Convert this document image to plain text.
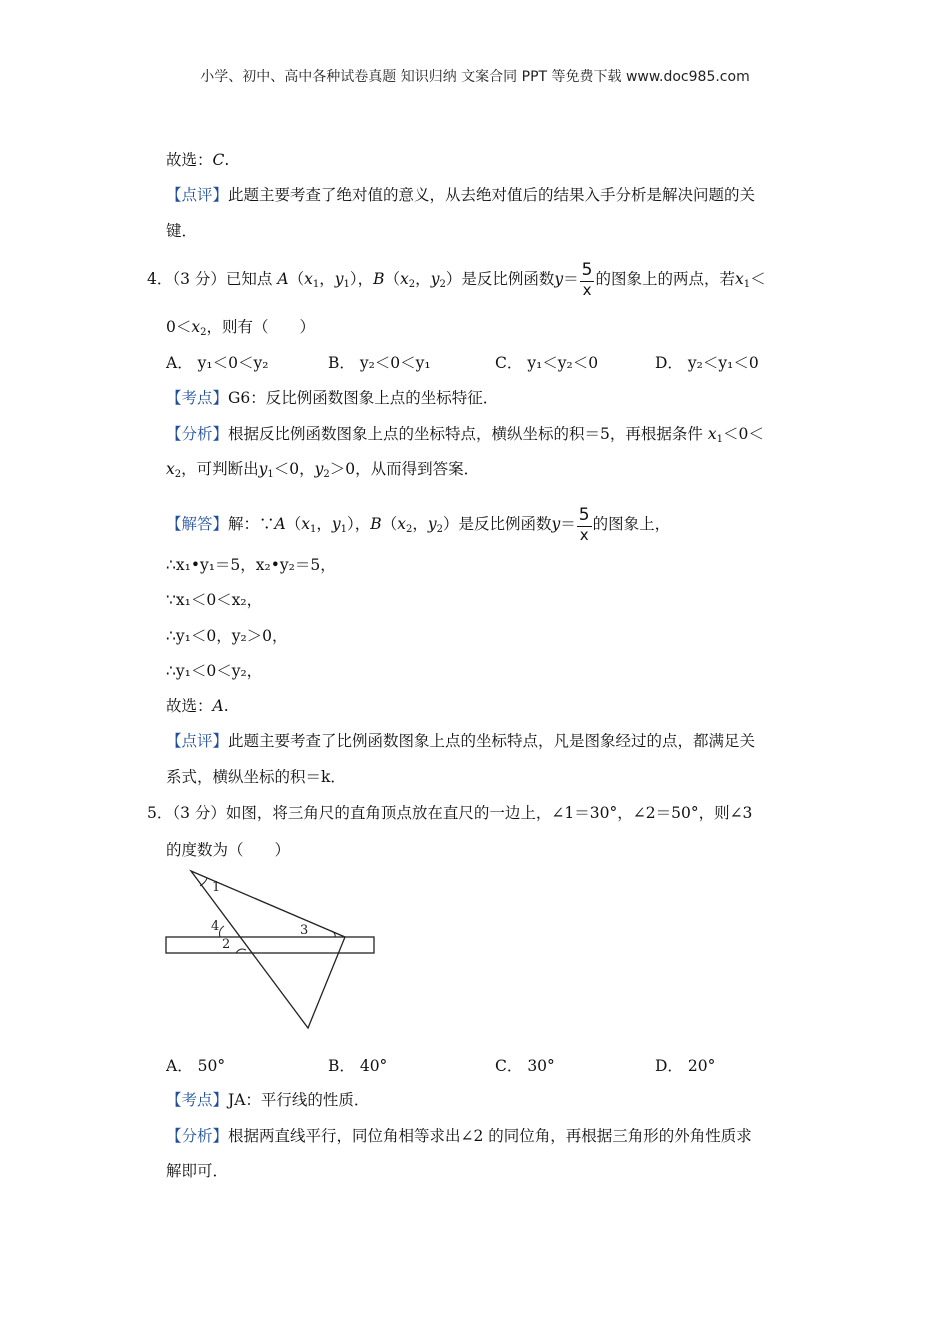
小学、初中、高中各种试卷真题 知识归纳 文案合同 PPT 等免费下载 www.doc985.com
故选：C.
【点评】此题主要考查了绝对值的意义，从去绝对值后的结果入手分析是解决问题的关
键．
4．（3 分）已知点 $A(x_1$，$y_1$），$B(x_2$，$y_2$）是反比例函数$y= \frac{5}{x}$ 的图象上的两点，若$x_1<$
$0<x_2$，则有（　　）
A． y₁＜0＜y₂	B． y₂＜0＜y₁	C． y₁＜y₂＜0	D． y₂＜y₁＜0
【考点】G6：反比例函数图象上点的坐标特征．
【分析】根据反比例函数图象上点的坐标特点，横纵坐标的积＝5，再根据条件 $x_1<0<$
$x_2$，可判断出$y_1<0$，$y_2>0$，从而得到答案．
【解答】解：$\because A(x_1$，$y_1$），$B(x_2$，$y_2$）是反比例函数$y= \frac{5}{x}$ 的图象上，
∴x₁•y₁＝5，x₂•y₂＝5，
∵x₁＜0＜x₂，
∴y₁＜0，y₂＞0，
∴y₁＜0＜y₂，
故选：A.
【点评】此题主要考查了比例函数图象上点的坐标特点，凡是图象经过的点，都满足关
系式，横纵坐标的积＝k．
5．（3 分）如图，将三角尺的直角顶点放在直尺的一边上，∠1＝30°，∠2＝50°，则∠3
的度数为（　　）
1
4	3
2
A． 50°	B． 40°	C． 30°	D． 20°
【考点】JA：平行线的性质．
【分析】根据两直线平行，同位角相等求出∠2 的同位角，再根据三角形的外角性质求
解即可．
